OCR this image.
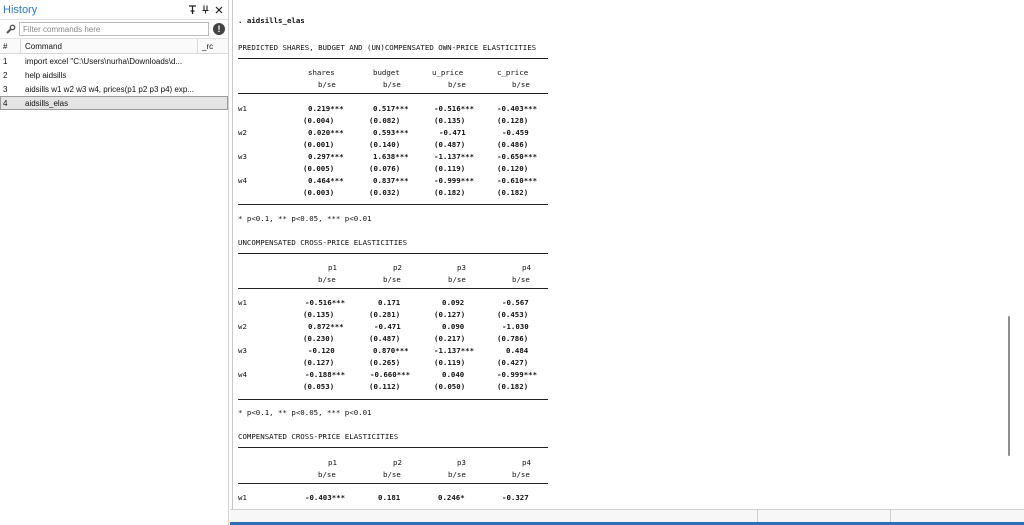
History
Filter commands here
!
#	Command	_rc
1	import excel "C:\Users\nurha\Downloads\d...
2	help aidsills
3	aidsills w1 w2 w3 w4, prices(p1 p2 p3 p4) exp...
4	aidsills_elas
. aidsills_elas
PREDICTED SHARES, BUDGET AND (UN)COMPENSATED OWN-PRICE ELASTICITIES
shares	budget	u_price	c_price
b/se	b/se	b/se	b/se
w1	0.219***	0.517***	-0.516***	-0.403***
(0.004)	(0.082)	(0.135)	(0.128)
w2	0.020***	0.593***	-0.471	-0.459
(0.001)	(0.140)	(0.487)	(0.486)
w3	0.297***	1.638***	-1.137***	-0.650***
(0.005)	(0.076)	(0.119)	(0.120)
w4	0.464***	0.837***	-0.999***	-0.610***
(0.003)	(0.032)	(0.182)	(0.182)
* p<0.1, ** p<0.05, *** p<0.01
UNCOMPENSATED CROSS-PRICE ELASTICITIES
p1	p2	p3	p4
b/se	b/se	b/se	b/se
w1	-0.516***	0.171	0.092	-0.567
(0.135)	(0.281)	(0.127)	(0.453)
w2	0.872***	-0.471	0.090	-1.030
(0.230)	(0.487)	(0.217)	(0.786)
w3	-0.120	0.870***	-1.137***	0.484
(0.127)	(0.265)	(0.119)	(0.427)
w4	-0.188***	-0.660***	0.040	-0.999***
(0.053)	(0.112)	(0.050)	(0.182)
* p<0.1, ** p<0.05, *** p<0.01
COMPENSATED CROSS-PRICE ELASTICITIES
p1	p2	p3	p4
b/se	b/se	b/se	b/se
w1	-0.403***	0.181	0.246*	-0.327
